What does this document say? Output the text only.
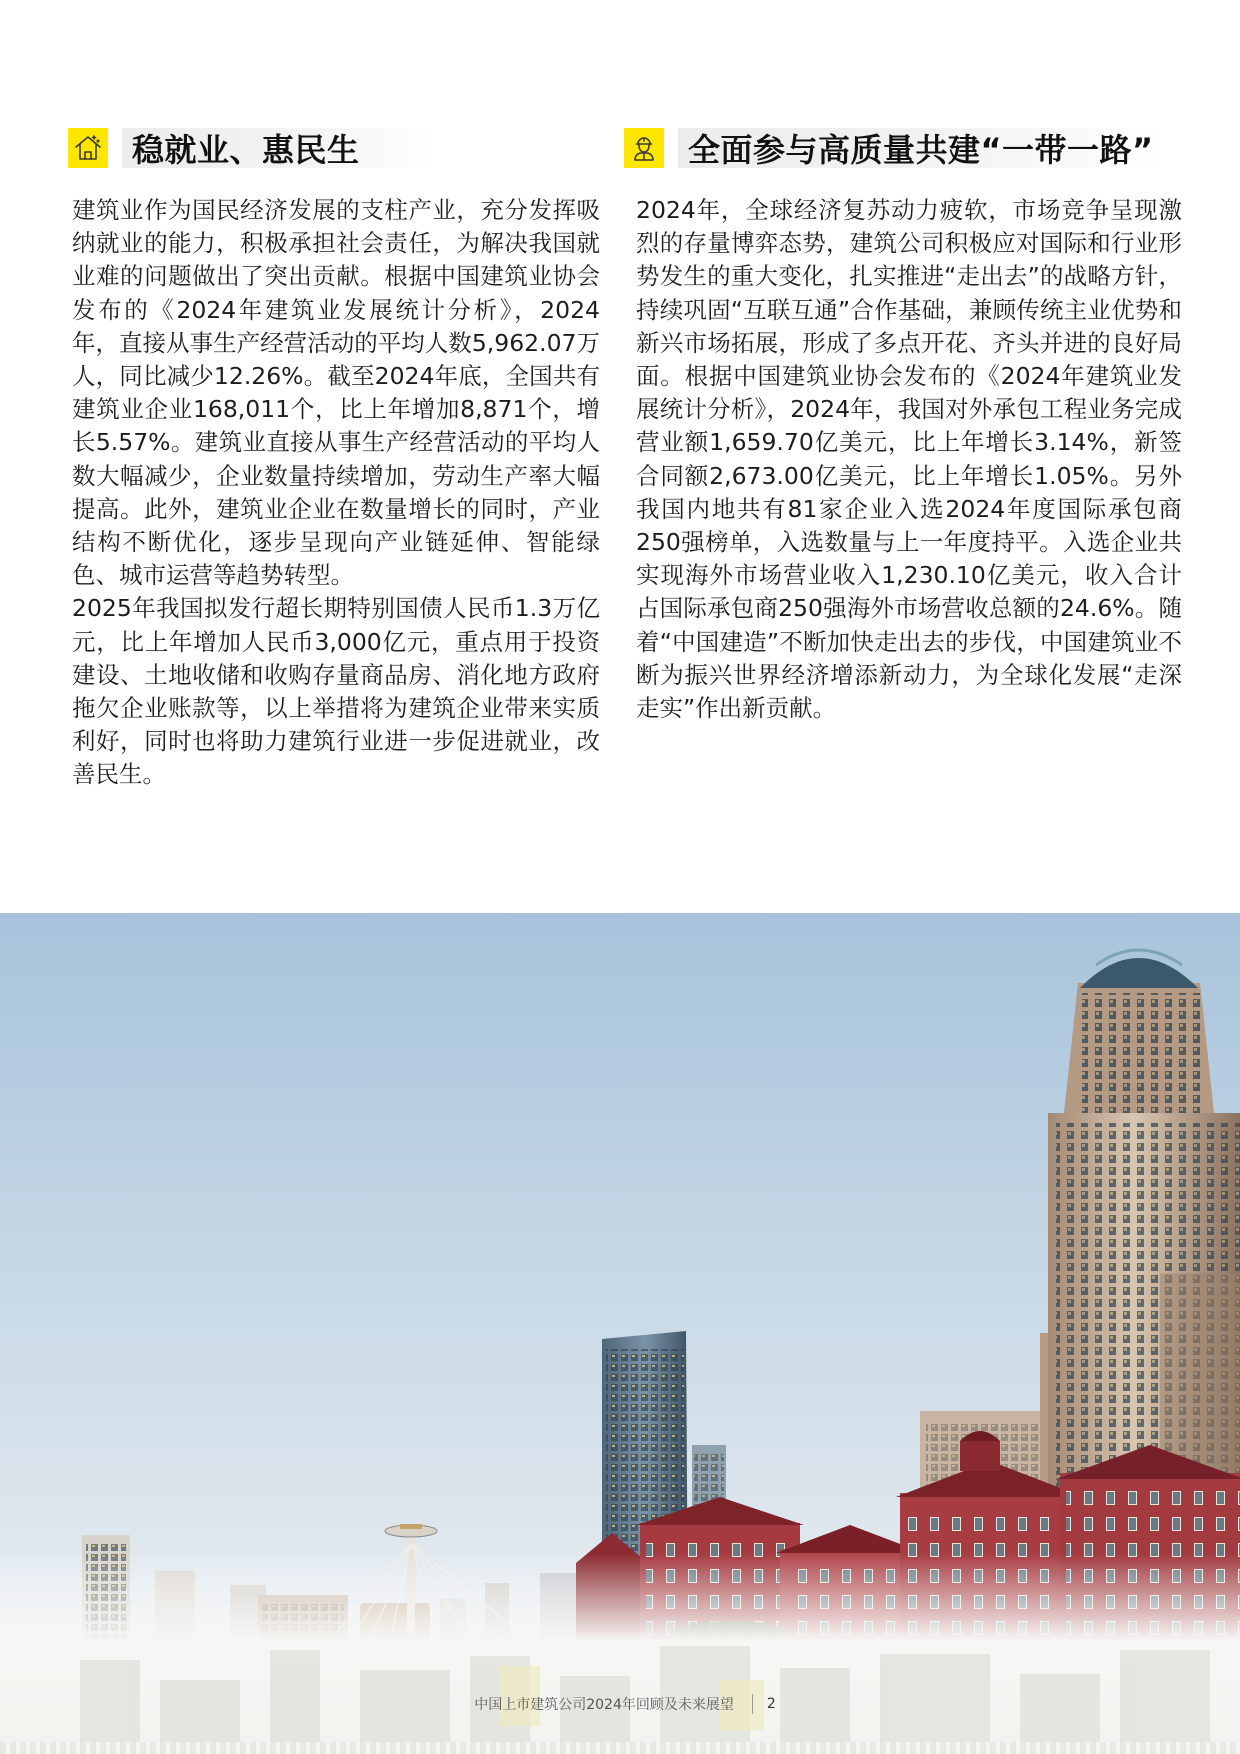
稳就业、惠民生

建筑业作为国民经济发展的支柱产业，充分发挥吸纳就业的能力，积极承担社会责任，为解决我国就业难的问题做出了突出贡献。根据中国建筑业协会发布的《2024年建筑业发展统计分析》，2024年，直接从事生产经营活动的平均人数5,962.07万人，同比减少12.26%。截至2024年底，全国共有建筑业企业168,011个，比上年增加8,871个，增长5.57%。建筑业直接从事生产经营活动的平均人数大幅减少，企业数量持续增加，劳动生产率大幅提高。此外，建筑业企业在数量增长的同时，产业结构不断优化，逐步呈现向产业链延伸、智能绿色、城市运营等趋势转型。

2025年我国拟发行超长期特别国债人民币1.3万亿元，比上年增加人民币3,000亿元，重点用于投资建设、土地收储和收购存量商品房、消化地方政府拖欠企业账款等，以上举措将为建筑企业带来实质利好，同时也将助力建筑行业进一步促进就业，改善民生。

全面参与高质量共建“一带一路”

2024年，全球经济复苏动力疲软，市场竞争呈现激烈的存量博弈态势，建筑公司积极应对国际和行业形势发生的重大变化，扎实推进“走出去”的战略方针，持续巩固“互联互通”合作基础，兼顾传统主业优势和新兴市场拓展，形成了多点开花、齐头并进的良好局面。根据中国建筑业协会发布的《2024年建筑业发展统计分析》，2024年，我国对外承包工程业务完成营业额1,659.70亿美元，比上年增长3.14%，新签合同额2,673.00亿美元，比上年增长1.05%。另外我国内地共有81家企业入选2024年度国际承包商250强榜单，入选数量与上一年度持平。入选企业共实现海外市场营业收入1,230.10亿美元，收入合计占国际承包商250强海外市场营收总额的24.6%。随着“中国建造”不断加快走出去的步伐，中国建筑业不断为振兴世界经济增添新动力，为全球化发展“走深走实”作出新贡献。

中国上市建筑公司2024年回顾及未来展望 2
